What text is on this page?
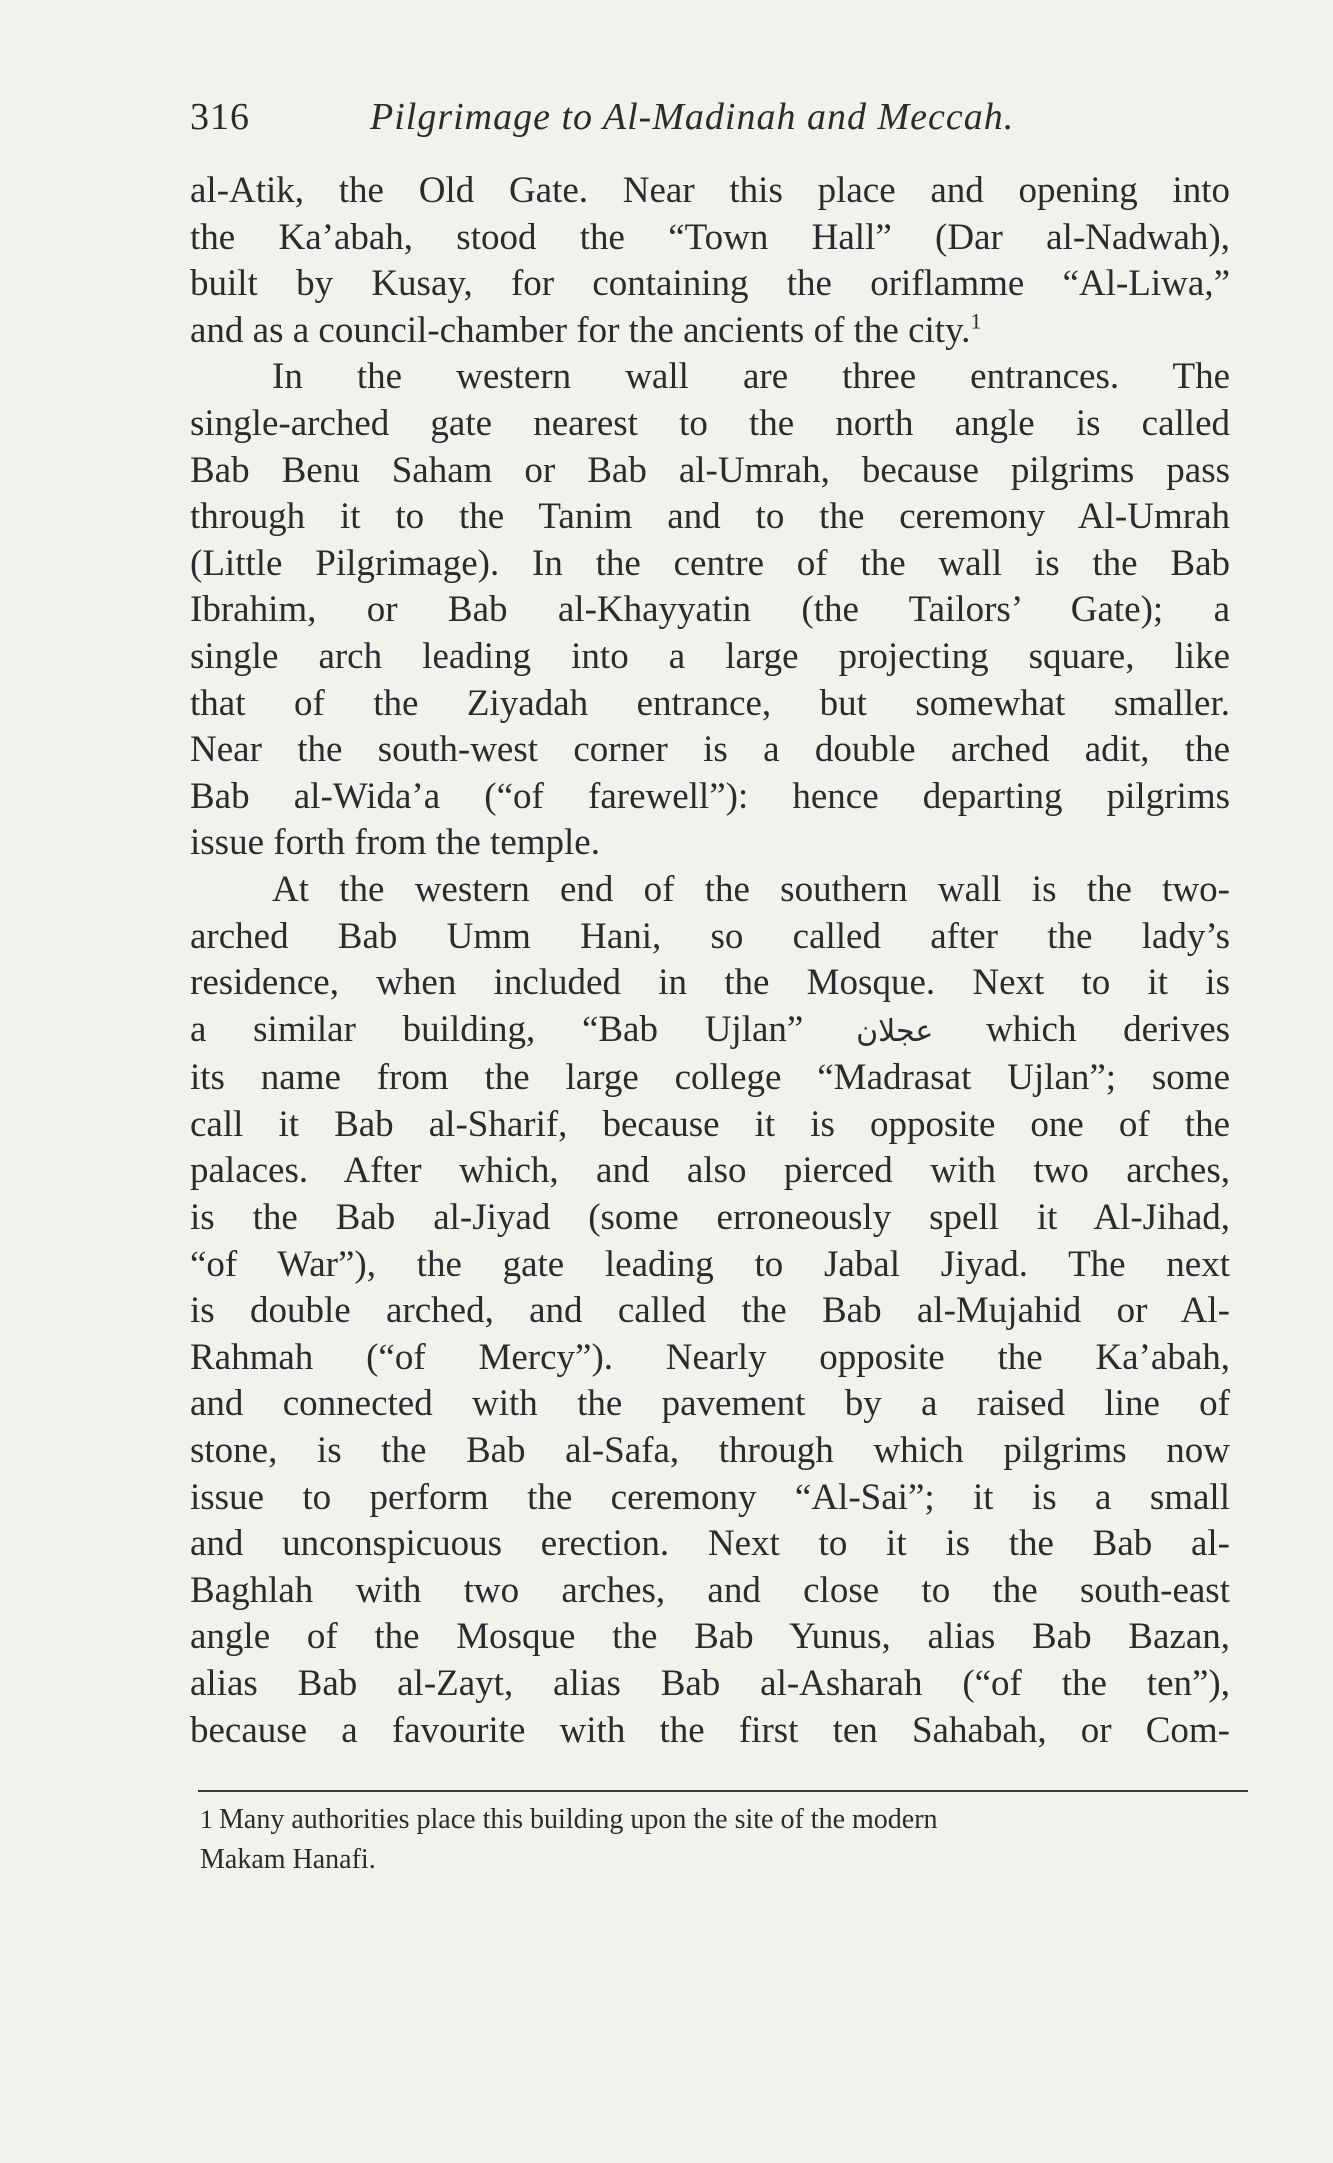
316	Pilgrimage to Al-Madinah and Meccah.
al-Atik, the Old Gate. Near this place and opening into
the Ka’abah, stood the “Town Hall” (Dar al-Nadwah),
built by Kusay, for containing the oriflamme “Al-Liwa,”
and as a council-chamber for the ancients of the city.$^1$
In the western wall are three entrances. The
single-arched gate nearest to the north angle is called
Bab Benu Saham or Bab al-Umrah, because pilgrims pass
through it to the Tanim and to the ceremony Al-Umrah
(Little Pilgrimage). In the centre of the wall is the Bab
Ibrahim, or Bab al-Khayyatin (the Tailors’ Gate); a
single arch leading into a large projecting square, like
that of the Ziyadah entrance, but somewhat smaller.
Near the south-west corner is a double arched adit, the
Bab al-Wida’a (“of farewell”): hence departing pilgrims
issue forth from the temple.
At the western end of the southern wall is the two-
arched Bab Umm Hani, so called after the lady’s
residence, when included in the Mosque. Next to it is
a similar building, “Bab Ujlan” عجلان which derives
its name from the large college “Madrasat Ujlan”; some
call it Bab al-Sharif, because it is opposite one of the
palaces. After which, and also pierced with two arches,
is the Bab al-Jiyad (some erroneously spell it Al-Jihad,
“of War”), the gate leading to Jabal Jiyad. The next
is double arched, and called the Bab al-Mujahid or Al-
Rahmah (“of Mercy”). Nearly opposite the Ka’abah,
and connected with the pavement by a raised line of
stone, is the Bab al-Safa, through which pilgrims now
issue to perform the ceremony “Al-Sai”; it is a small
and unconspicuous erection. Next to it is the Bab al-
Baghlah with two arches, and close to the south-east
angle of the Mosque the Bab Yunus, alias Bab Bazan,
alias Bab al-Zayt, alias Bab al-Asharah (“of the ten”),
because a favourite with the first ten Sahabah, or Com-
1 Many authorities place this building upon the site of the modern
Makam Hanafi.
